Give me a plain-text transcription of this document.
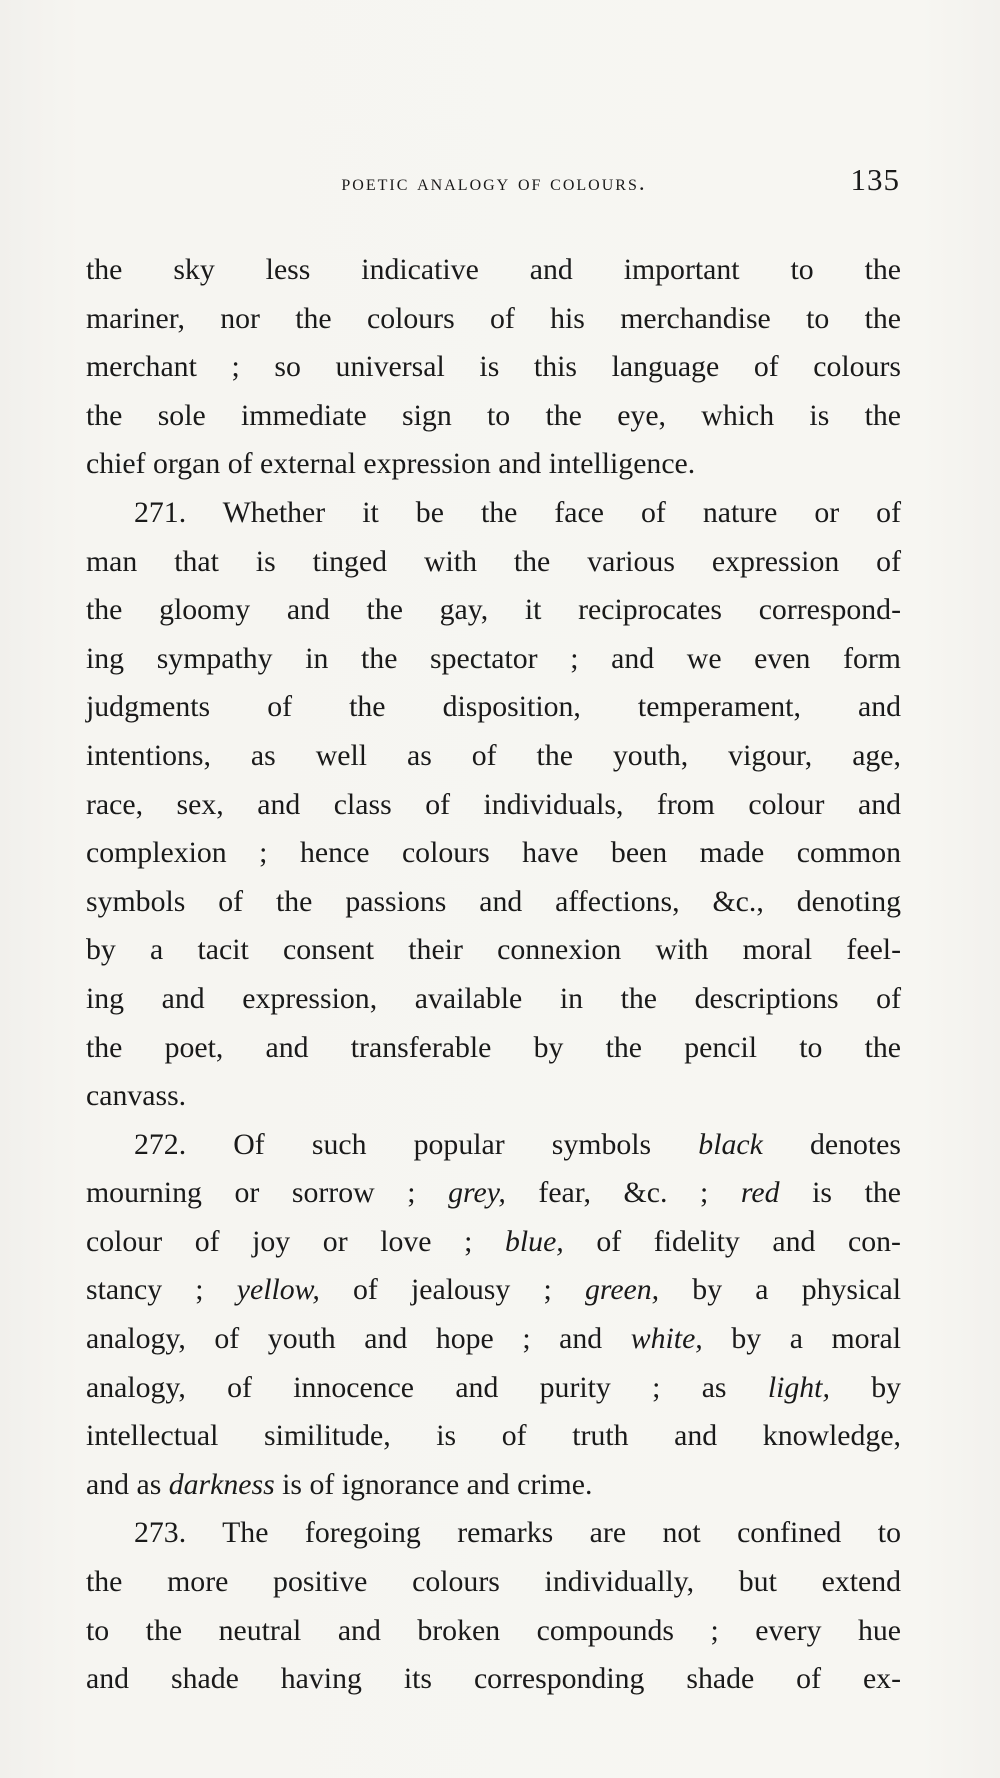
poetic analogy of colours.	135
the sky less indicative and important to the
mariner, nor the colours of his merchandise to the
merchant ; so universal is this language of colours
the sole immediate sign to the eye, which is the
chief organ of external expression and intelligence.
271. Whether it be the face of nature or of
man that is tinged with the various expression of
the gloomy and the gay, it reciprocates correspond-
ing sympathy in the spectator ; and we even form
judgments of the disposition, temperament, and
intentions, as well as of the youth, vigour, age,
race, sex, and class of individuals, from colour and
complexion ; hence colours have been made common
symbols of the passions and affections, &c., denoting
by a tacit consent their connexion with moral feel-
ing and expression, available in the descriptions of
the poet, and transferable by the pencil to the
canvass.
272. Of such popular symbols black denotes
mourning or sorrow ; grey, fear, &c. ; red is the
colour of joy or love ; blue, of fidelity and con-
stancy ; yellow, of jealousy ; green, by a physical
analogy, of youth and hope ; and white, by a moral
analogy, of innocence and purity ; as light, by
intellectual similitude, is of truth and knowledge,
and as darkness is of ignorance and crime.
273. The foregoing remarks are not confined to
the more positive colours individually, but extend
to the neutral and broken compounds ; every hue
and shade having its corresponding shade of ex-
